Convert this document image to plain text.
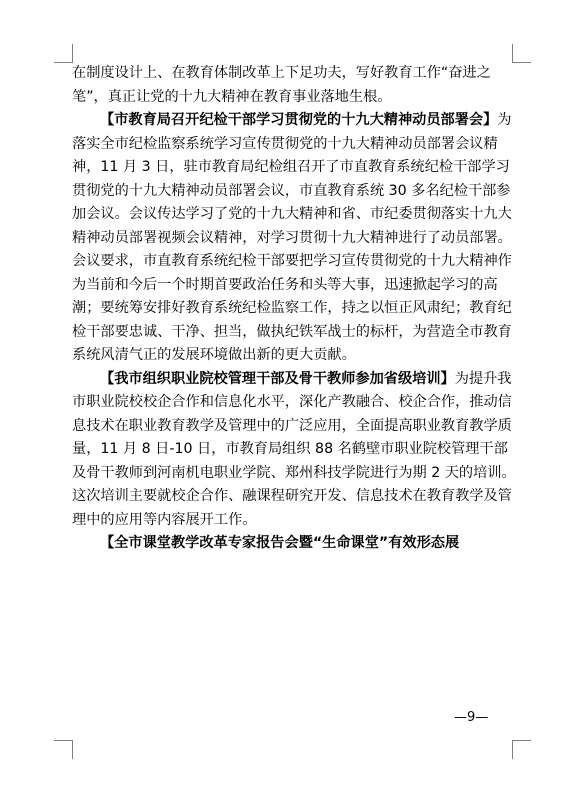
在制度设计上、在教育体制改革上下足功夫，写好教育工作“奋进之笔”，真正让党的十九大精神在教育事业落地生根。

【市教育局召开纪检干部学习贯彻党的十九大精神动员部署会】为落实全市纪检监察系统学习宣传贯彻党的十九大精神动员部署会议精神，11 月 3 日，驻市教育局纪检组召开了市直教育系统纪检干部学习贯彻党的十九大精神动员部署会议，市直教育系统 30 多名纪检干部参加会议。会议传达学习了党的十九大精神和省、市纪委贯彻落实十九大精神动员部署视频会议精神，对学习贯彻十九大精神进行了动员部署。会议要求，市直教育系统纪检干部要把学习宣传贯彻党的十九大精神作为当前和今后一个时期首要政治任务和头等大事，迅速掀起学习的高潮；要统筹安排好教育系统纪检监察工作，持之以恒正风肃纪；教育纪检干部要忠诚、干净、担当，做执纪铁军战士的标杆，为营造全市教育系统风清气正的发展环境做出新的更大贡献。

【我市组织职业院校管理干部及骨干教师参加省级培训】为提升我市职业院校校企合作和信息化水平，深化产教融合、校企合作，推动信息技术在职业教育教学及管理中的广泛应用，全面提高职业教育教学质量，11 月 8 日-10 日，市教育局组织 88 名鹤壁市职业院校管理干部及骨干教师到河南机电职业学院、郑州科技学院进行为期 2 天的培训。这次培训主要就校企合作、融课程研究开发、信息技术在教育教学及管理中的应用等内容展开工作。

【全市课堂教学改革专家报告会暨“生命课堂”有效形态展

—9—
